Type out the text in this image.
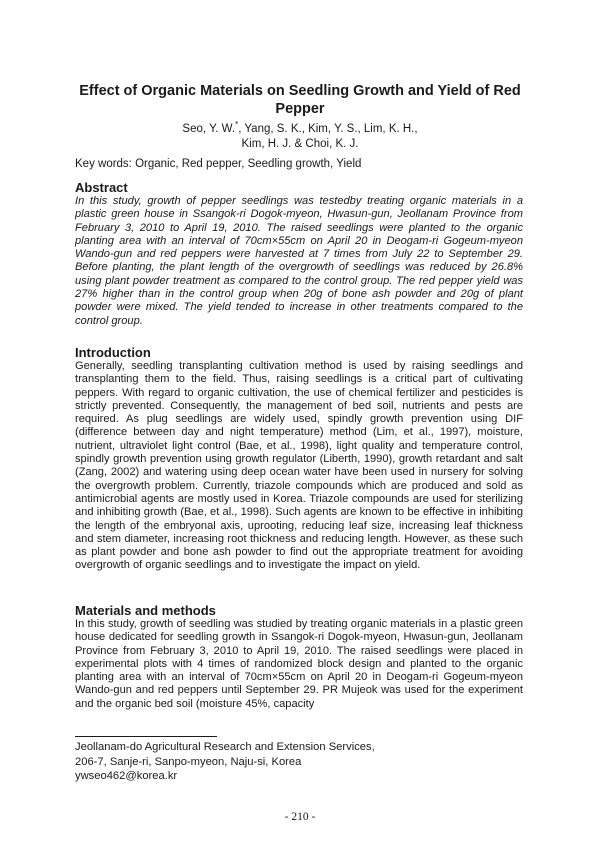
Effect of Organic Materials on Seedling Growth and Yield of Red Pepper
Seo, Y. W.*, Yang, S. K., Kim, Y. S., Lim, K. H.,
Kim, H. J. & Choi, K. J.
Key words: Organic, Red pepper, Seedling growth, Yield
Abstract

In this study, growth of pepper seedlings was testedby treating organic materials in a plastic green house in Ssangok-ri Dogok-myeon, Hwasun-gun, Jeollanam Province from February 3, 2010 to April 19, 2010. The raised seedlings were planted to the organic planting area with an interval of 70cm×55cm on April 20 in Deogam-ri Gogeum-myeon Wando-gun and red peppers were harvested at 7 times from July 22 to September 29. Before planting, the plant length of the overgrowth of seedlings was reduced by 26.8% using plant powder treatment as compared to the control group. The red pepper yield was 27% higher than in the control group when 20g of bone ash powder and 20g of plant powder were mixed. The yield tended to increase in other treatments compared to the control group.

Introduction

Generally, seedling transplanting cultivation method is used by raising seedlings and transplanting them to the field. Thus, raising seedlings is a critical part of cultivating peppers. With regard to organic cultivation, the use of chemical fertilizer and pesticides is strictly prevented. Consequently, the management of bed soil, nutrients and pests are required. As plug seedlings are widely used, spindly growth prevention using DIF (difference between day and night temperature) method (Lim, et al., 1997), moisture, nutrient, ultraviolet light control (Bae, et al., 1998), light quality and temperature control, spindly growth prevention using growth regulator (Liberth, 1990), growth retardant and salt (Zang, 2002) and watering using deep ocean water have been used in nursery for solving the overgrowth problem. Currently, triazole compounds which are produced and sold as antimicrobial agents are mostly used in Korea. Triazole compounds are used for sterilizing and inhibiting growth (Bae, et al., 1998). Such agents are known to be effective in inhibiting the length of the embryonal axis, uprooting, reducing leaf size, increasing leaf thickness and stem diameter, increasing root thickness and reducing length. However, as these such as plant powder and bone ash powder to find out the appropriate treatment for avoiding overgrowth of organic seedlings and to investigate the impact on yield.

Materials and methods

In this study, growth of seedling was studied by treating organic materials in a plastic green house dedicated for seedling growth in Ssangok-ri Dogok-myeon, Hwasun-gun, Jeollanam Province from February 3, 2010 to April 19, 2010. The raised seedlings were placed in experimental plots with 4 times of randomized block design and planted to the organic planting area with an interval of 70cm×55cm on April 20 in Deogam-ri Gogeum-myeon Wando-gun and red peppers until September 29. PR Mujeok was used for the experiment and the organic bed soil (moisture 45%, capacity

Jeollanam-do Agricultural Research and Extension Services,
206-7, Sanje-ri, Sanpo-myeon, Naju-si, Korea
ywseo462@korea.kr
- 210 -
